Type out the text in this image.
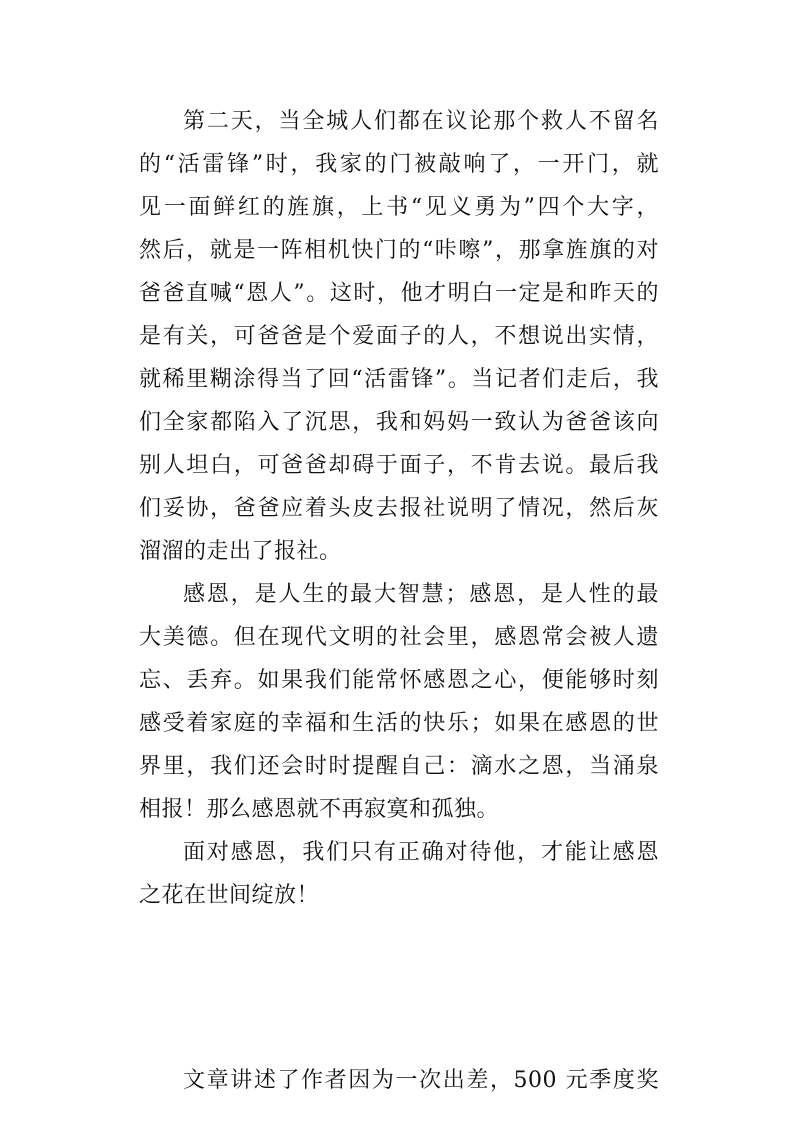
第二天，当全城人们都在议论那个救人不留名
的“活雷锋”时，我家的门被敲响了，一开门，就
见一面鲜红的旌旗，上书“见义勇为”四个大字，
然后，就是一阵相机快门的“咔嚓”，那拿旌旗的对
爸爸直喊“恩人”。这时，他才明白一定是和昨天的
是有关，可爸爸是个爱面子的人，不想说出实情，
就稀里糊涂得当了回“活雷锋”。当记者们走后，我
们全家都陷入了沉思，我和妈妈一致认为爸爸该向
别人坦白，可爸爸却碍于面子，不肯去说。最后我
们妥协，爸爸应着头皮去报社说明了情况，然后灰
溜溜的走出了报社。
感恩，是人生的最大智慧；感恩，是人性的最
大美德。但在现代文明的社会里，感恩常会被人遗
忘、丢弃。如果我们能常怀感恩之心，便能够时刻
感受着家庭的幸福和生活的快乐；如果在感恩的世
界里，我们还会时时提醒自己：滴水之恩，当涌泉
相报！那么感恩就不再寂寞和孤独。
面对感恩，我们只有正确对待他，才能让感恩
之花在世间绽放！
文章讲述了作者因为一次出差，500 元季度奖
